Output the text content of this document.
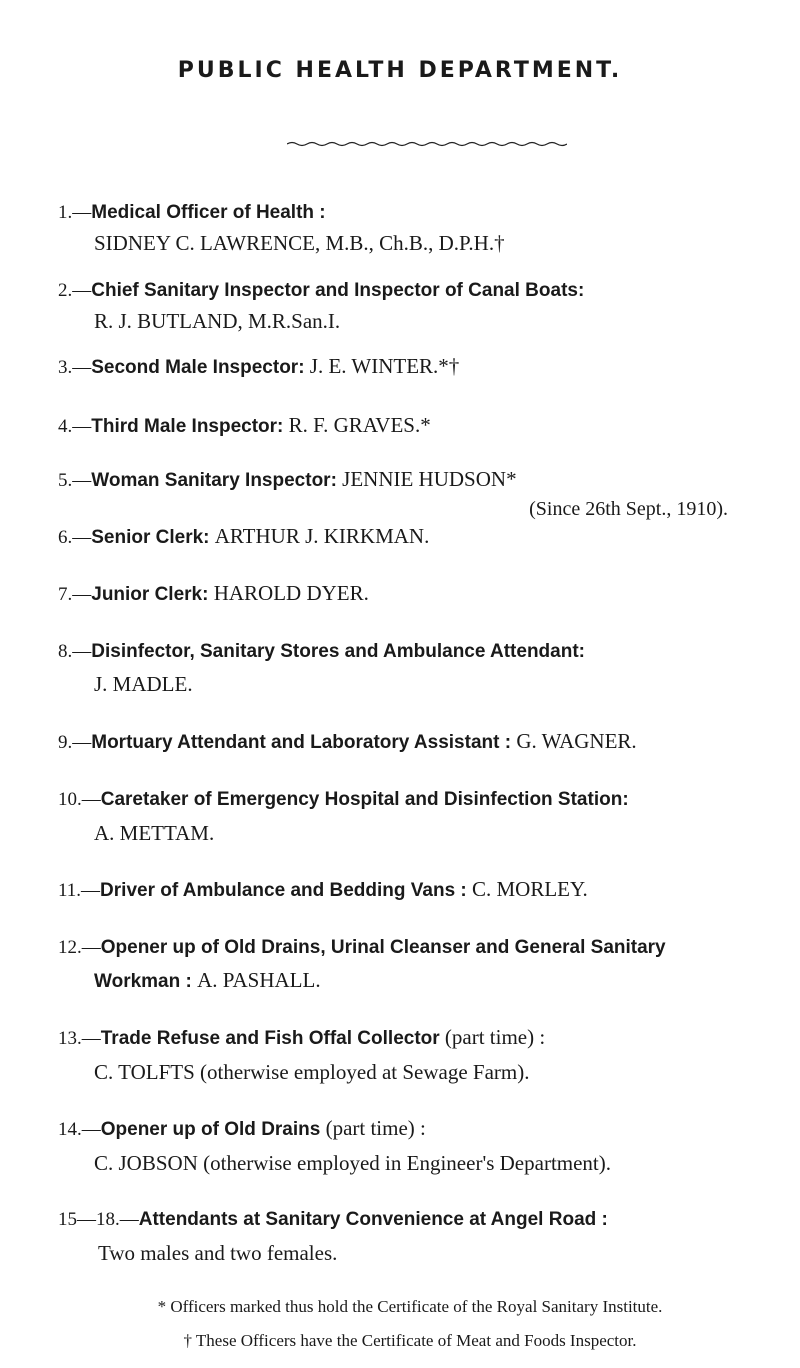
PUBLIC HEALTH DEPARTMENT.
1.—Medical Officer of Health :
SIDNEY C. LAWRENCE, M.B., Ch.B., D.P.H.†
2.—Chief Sanitary Inspector and Inspector of Canal Boats:
R. J. BUTLAND, M.R.San.I.
3.—Second Male Inspector: J. E. WINTER.*†
4.—Third Male Inspector: R. F. GRAVES.*
5.—Woman Sanitary Inspector: JENNIE HUDSON*
(Since 26th Sept., 1910).
6.—Senior Clerk: ARTHUR J. KIRKMAN.
7.—Junior Clerk: HAROLD DYER.
8.—Disinfector, Sanitary Stores and Ambulance Attendant:
J. MADLE.
9.—Mortuary Attendant and Laboratory Assistant : G. WAGNER.
10.—Caretaker of Emergency Hospital and Disinfection Station:
A. METTAM.
11.—Driver of Ambulance and Bedding Vans : C. MORLEY.
12.—Opener up of Old Drains, Urinal Cleanser and General Sanitary
Workman : A. PASHALL.
13.—Trade Refuse and Fish Offal Collector (part time) :
C. TOLFTS (otherwise employed at Sewage Farm).
14.—Opener up of Old Drains (part time) :
C. JOBSON (otherwise employed in Engineer's Department).
15—18.—Attendants at Sanitary Convenience at Angel Road :
Two males and two females.
* Officers marked thus hold the Certificate of the Royal Sanitary Institute.
† These Officers have the Certificate of Meat and Foods Inspector.
